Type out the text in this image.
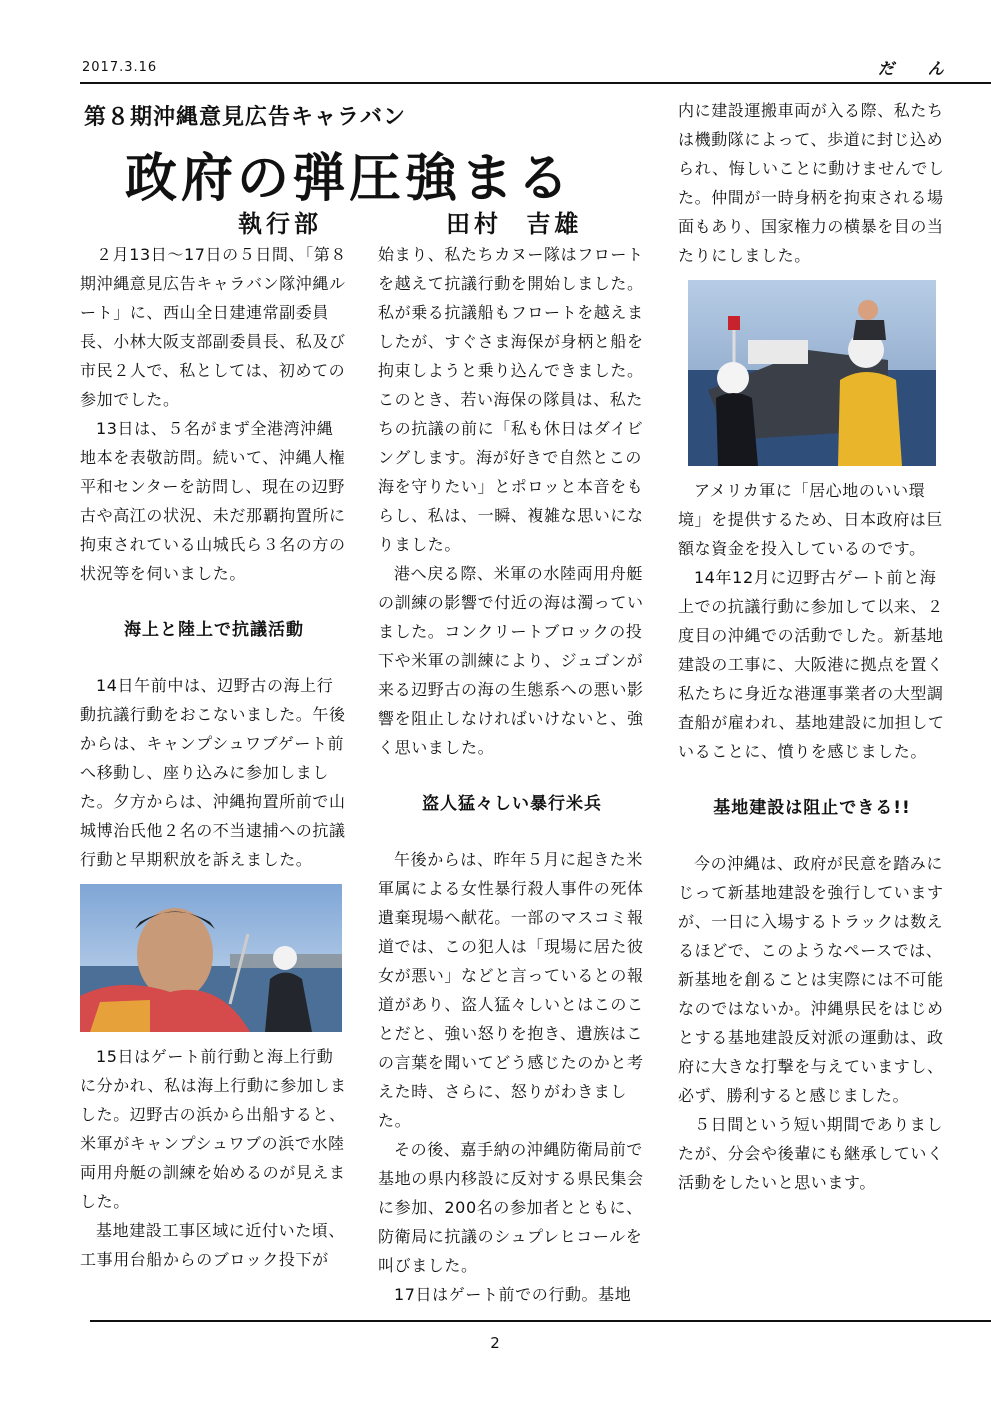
2017.3.16	だ ん
第８期沖縄意見広告キャラバン
政府の弾圧強まる
執行部	田村 吉雄

２月13日～17日の５日間、「第８期沖縄意見広告キャラバン隊沖縄ルート」に、西山全日建連常副委員長、小林大阪支部副委員長、私及び市民２人で、私としては、初めての参加でした。

13日は、５名がまず全港湾沖縄地本を表敬訪問。続いて、沖縄人権平和センターを訪問し、現在の辺野古や高江の状況、未だ那覇拘置所に拘束されている山城氏ら３名の方の状況等を伺いました。

海上と陸上で抗議活動

14日午前中は、辺野古の海上行動抗議行動をおこないました。午後からは、キャンプシュワブゲート前へ移動し、座り込みに参加しました。夕方からは、沖縄拘置所前で山城博治氏他２名の不当逮捕への抗議行動と早期釈放を訴えました。

15日はゲート前行動と海上行動に分かれ、私は海上行動に参加しました。辺野古の浜から出船すると、米軍がキャンプシュワブの浜で水陸両用舟艇の訓練を始めるのが見えました。

基地建設工事区域に近付いた頃、工事用台船からのブロック投下が

始まり、私たちカヌー隊はフロートを越えて抗議行動を開始しました。私が乗る抗議船もフロートを越えましたが、すぐさま海保が身柄と船を拘束しようと乗り込んできました。このとき、若い海保の隊員は、私たちの抗議の前に「私も休日はダイビングします。海が好きで自然とこの海を守りたい」とポロッと本音をもらし、私は、一瞬、複雑な思いになりました。

港へ戻る際、米軍の水陸両用舟艇の訓練の影響で付近の海は濁っていました。コンクリートブロックの投下や米軍の訓練により、ジュゴンが来る辺野古の海の生態系への悪い影響を阻止しなければいけないと、強く思いました。

盗人猛々しい暴行米兵

午後からは、昨年５月に起きた米軍属による女性暴行殺人事件の死体遺棄現場へ献花。一部のマスコミ報道では、この犯人は「現場に居た彼女が悪い」などと言っているとの報道があり、盗人猛々しいとはこのことだと、強い怒りを抱き、遺族はこの言葉を聞いてどう感じたのかと考えた時、さらに、怒りがわきました。

その後、嘉手納の沖縄防衛局前で基地の県内移設に反対する県民集会に参加、200名の参加者とともに、防衛局に抗議のシュプレヒコールを叫びました。

17日はゲート前での行動。基地

内に建設運搬車両が入る際、私たちは機動隊によって、歩道に封じ込められ、悔しいことに動けませんでした。仲間が一時身柄を拘束される場面もあり、国家権力の横暴を目の当たりにしました。

アメリカ軍に「居心地のいい環境」を提供するため、日本政府は巨額な資金を投入しているのです。

14年12月に辺野古ゲート前と海上での抗議行動に参加して以来、２度目の沖縄での活動でした。新基地建設の工事に、大阪港に拠点を置く私たちに身近な港運事業者の大型調査船が雇われ、基地建設に加担していることに、憤りを感じました。

基地建設は阻止できる!!

今の沖縄は、政府が民意を踏みにじって新基地建設を強行していますが、一日に入場するトラックは数えるほどで、このようなペースでは、新基地を創ることは実際には不可能なのではないか。沖縄県民をはじめとする基地建設反対派の運動は、政府に大きな打撃を与えていますし、必ず、勝利すると感じました。

５日間という短い期間でありましたが、分会や後輩にも継承していく活動をしたいと思います。

2
